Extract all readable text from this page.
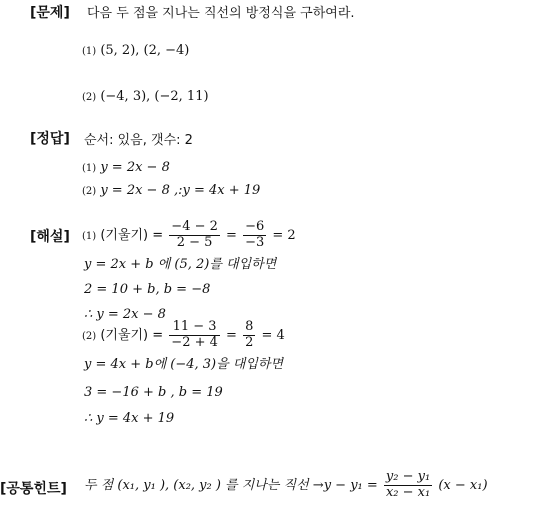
[문제] 다음 두 점을 지나는 직선의 방정식을 구하여라.
(1) (5, 2), (2, −4)
(2) (−4, 3), (−2, 11)
[정답] 순서: 있음, 갯수: 2
(1) y = 2x − 8
(2) y = 2x − 8 ,:y = 4x + 19
[해설] (1) (기울기) = $\frac{-4 - 2}{2 - 5} = \frac{-6}{-3} = 2$
y = 2x + b 에 (5, 2)를 대입하면
2 = 10 + b, b = −8
∴ y = 2x − 8
(2) (기울기) = $\frac{11 - 3}{-2 + 4} = \frac{8}{2} = 4$
y = 4x + b에 (−4, 3)을 대입하면
3 = −16 + b , b = 19
∴ y = 4x + 19
[공통힌트] 두 점 (x₁, y₁ ), (x₂, y₂ ) 를 지나는 직선 $\to y - y_1 = \frac{\text{y₂ − y₁}}{\text{x₂ − x₁}} (x - x_1)$
